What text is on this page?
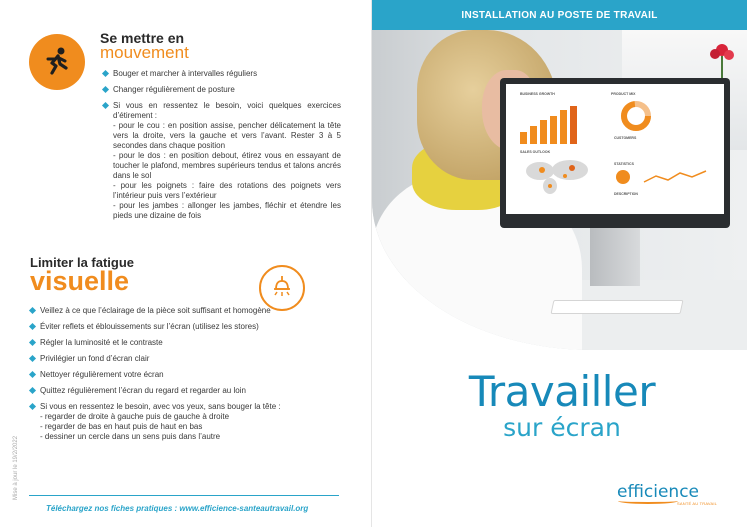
Se mettre en
mouvement
Bouger et marcher à intervalles réguliers
Changer régulièrement de posture
Si vous en ressentez le besoin, voici quelques exercices d’étirement :
- pour le cou : en position assise, pencher délicatement la tête vers la droite, vers la gauche et vers l’avant. Rester 3 à 5 secondes dans chaque position
- pour le dos : en position debout, étirez vous en essayant de toucher le plafond, membres supérieurs tendus et talons ancrés dans le sol
- pour les poignets : faire des rotations des poignets vers l’intérieur puis vers l’extérieur
- pour les jambes : allonger les jambes, fléchir et étendre les pieds une dizaine de fois
Limiter la fatigue
visuelle
Veillez à ce que l’éclairage de la pièce soit suffisant et homogène
Éviter reflets et éblouissements sur l’écran (utilisez les stores)
Régler la luminosité et le contraste
Privilégier un fond d’écran clair
Nettoyer régulièrement votre écran
Quittez régulièrement l’écran du regard et regarder au loin
Si vous en ressentez le besoin, avec vos yeux, sans bouger la tête :
- regarder de droite à gauche puis de gauche à droite
- regarder de bas en haut puis de haut en bas
- dessiner un cercle dans un sens puis dans l’autre
Mise à jour le 19/2/2022
Téléchargez nos fiches pratiques : www.efficience-santeautravail.org
INSTALLATION AU POSTE DE TRAVAIL
BUSINESS GROWTH	PRODUCT MIX
CUSTOMERS
SALES OUTLOOK
STATISTICS
DESCRIPTION
Travailler
sur écran
efficience
SANTÉ AU TRAVAIL
